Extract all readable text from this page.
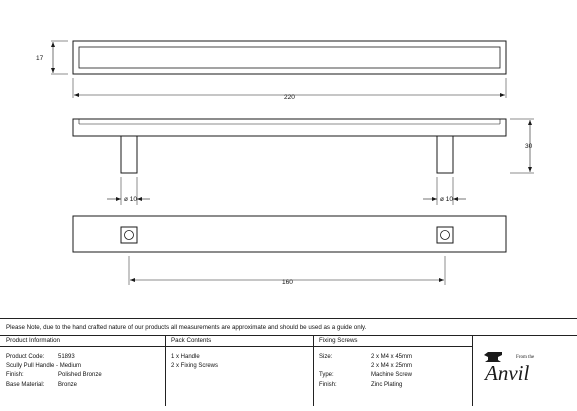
17
220
30
ø 10	ø 10
160
Please Note, due to the hand crafted nature of our products all measurements are approximate and should be used as a guide only.
Product Information
Product Code:	51893
Scully Pull Handle - Medium
Finish:	Polished Bronze
Base Material:	Bronze
Pack Contents
1 x Handle
2 x Fixing Screws
Fixing Screws
Size:	2 x M4 x 45mm
2 x M4 x 25mm
Type:	Machine Screw
Finish:	Zinc Plating
From the
Anvil
